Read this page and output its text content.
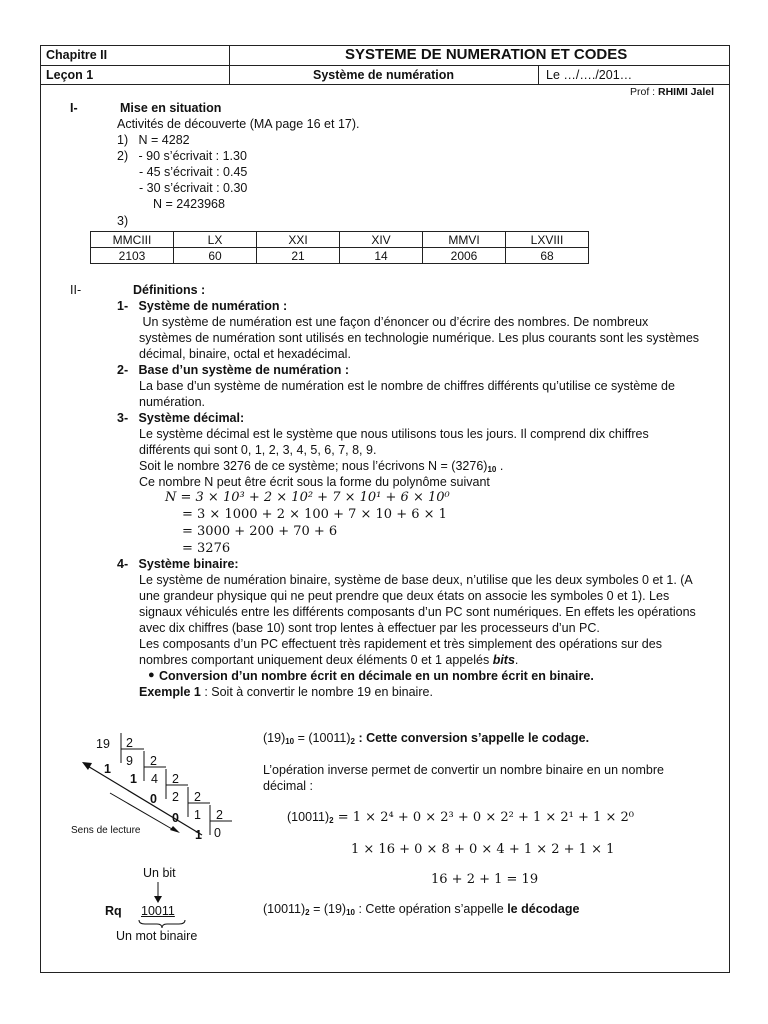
Chapitre II	SYSTEME DE NUMERATION ET CODES
Leçon 1	Système de numération	Le …/…./201…
Prof : RHIMI Jalel
I-	Mise en situation
Activités de découverte (MA page 16 et 17).
1)   N = 4282
2)   - 90 s’écrivait : 1.30
- 45 s’écrivait : 0.45
- 30 s’écrivait : 0.30
N = 2423968
3)
MMCIII	LX	XXI	XIV	MMVI	LXVIII
2103	60	21	14	2006	68
II-	Définitions :
1-   Système de numération :
Un système de numération est une façon d’énoncer ou d’écrire des nombres. De nombreux
systèmes de numération sont utilisés en technologie numérique. Les plus courants sont les systèmes
décimal, binaire, octal et hexadécimal.
2-   Base d’un système de numération :
La base d’un système de numération est le nombre de chiffres différents qu’utilise ce système de
numération.
3-   Système décimal:
Le système décimal est le système que nous utilisons tous les jours. Il comprend dix chiffres
différents qui sont 0, 1, 2, 3, 4, 5, 6, 7, 8, 9.
Soit le nombre 3276 de ce système; nous l’écrivons $N = (3276)_{10}$ .
Ce nombre N peut être écrit sous la forme du polynôme suivant
N = 3 × 10³ + 2 × 10² + 7 × 10¹ + 6 × 10⁰
= 3 × 1000 + 2 × 100 + 7 × 10 + 6 × 1
= 3000 + 200 + 70 + 6
= 3276
4-   Système binaire:
Le système de numération binaire, système de base deux, n’utilise que les deux symboles 0 et 1. (A
une grandeur physique qui ne peut prendre que deux états on associe les symboles 0 et 1). Les
signaux véhiculés entre les différents composants d’un PC sont numériques. En effets les opérations
avec dix chiffres (base 10) sont trop lentes à effectuer par les processeurs d’un PC.
Les composants d’un PC effectuent très rapidement et très simplement des opérations sur des
nombres comportant uniquement deux éléments 0 et 1 appelés bits.
● Conversion d’un nombre écrit en décimale en un nombre écrit en binaire.
Exemple 1 : Soit à convertir le nombre 19 en binaire.
19 2
1
9 2
1 4 2
0 2 2
0 1 2
1 0
Sens de lecture
Un bit
Rq 10011
Un mot binaire
$(19)_{10} = (10011)_2$ : Cette conversion s’appelle le codage.
L’opération inverse permet de convertir un nombre binaire en un nombre
décimal :
$(10011)_2 = 1 \times 2^4 + 0 \times 2^3 + 0 \times 2^2 + 1 \times 2^1 + 1 \times 2^0$
1 × 16 + 0 × 8 + 0 × 4 + 1 × 2 + 1 × 1
16 + 2 + 1 = 19
$(10011)_2 = (19)_{10}$ : Cette opération s’appelle le décodage
